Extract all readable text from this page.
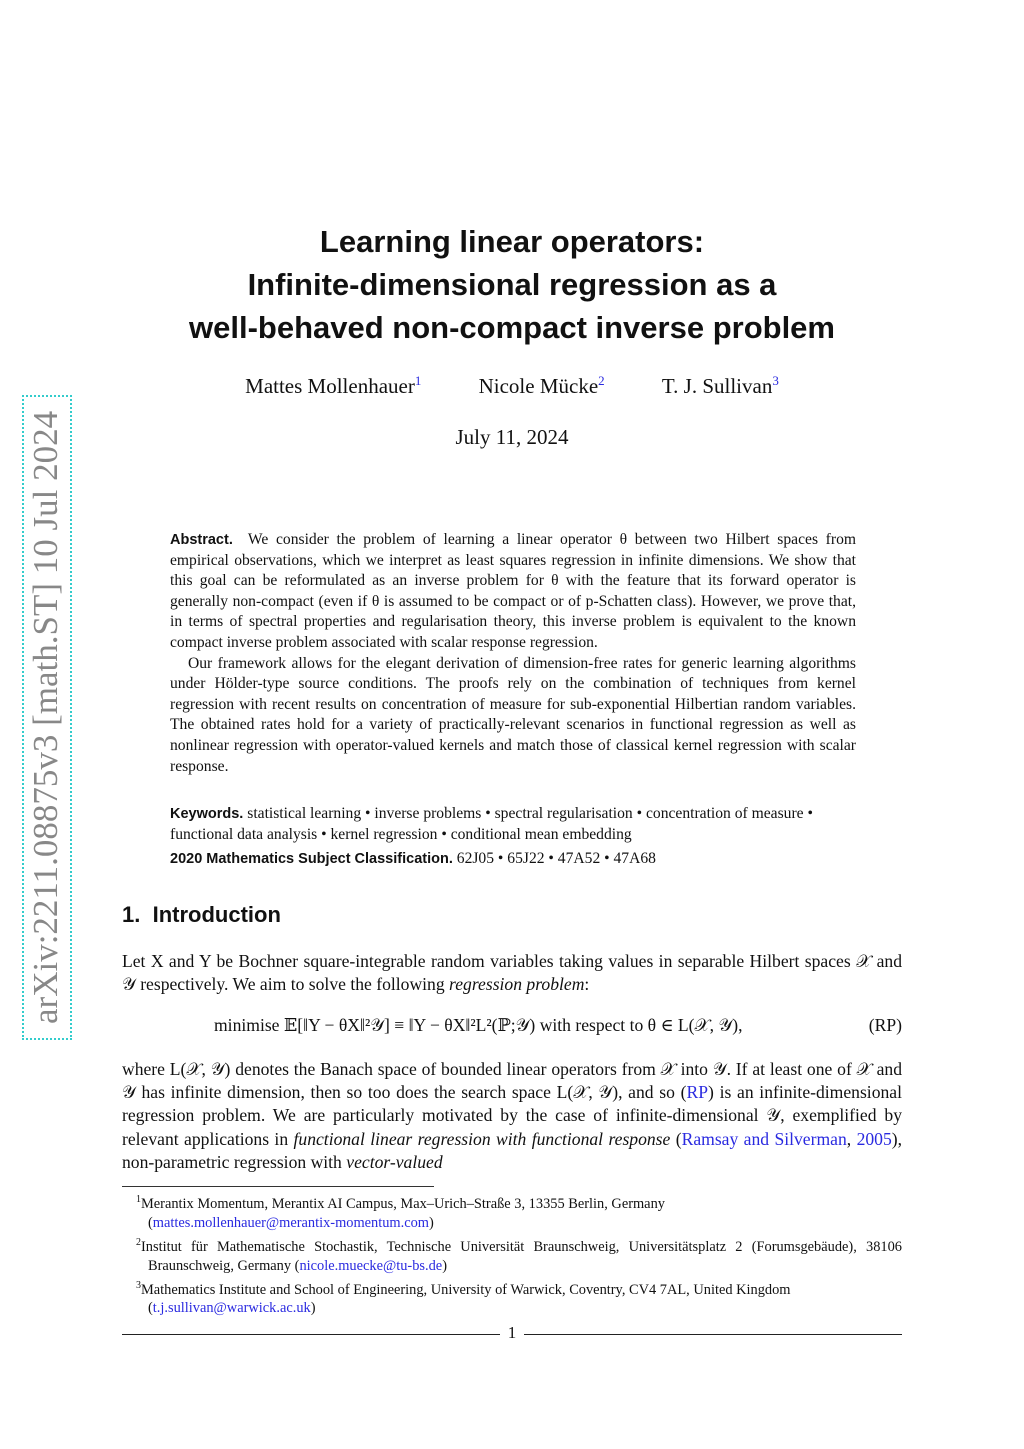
arXiv:2211.08875v3 [math.ST] 10 Jul 2024
Learning linear operators:
Infinite-dimensional regression as a
well-behaved non-compact inverse problem
Mattes Mollenhauer$^1$	Nicole Mücke$^2$	T. J. Sullivan$^3$
July 11, 2024

Abstract. We consider the problem of learning a linear operator θ between two Hilbert spaces from empirical observations, which we interpret as least squares regression in infinite dimensions. We show that this goal can be reformulated as an inverse problem for θ with the feature that its forward operator is generally non-compact (even if θ is assumed to be compact or of p-Schatten class). However, we prove that, in terms of spectral properties and regularisation theory, this inverse problem is equivalent to the known compact inverse problem associated with scalar response regression.

Our framework allows for the elegant derivation of dimension-free rates for generic learning algorithms under Hölder-type source conditions. The proofs rely on the combination of techniques from kernel regression with recent results on concentration of measure for sub-exponential Hilbertian random variables. The obtained rates hold for a variety of practically-relevant scenarios in functional regression as well as nonlinear regression with operator-valued kernels and match those of classical kernel regression with scalar response.

Keywords. statistical learning • inverse problems • spectral regularisation • concentration of measure • functional data analysis • kernel regression • conditional mean embedding
2020 Mathematics Subject Classification. 62J05 • 65J22 • 47A52 • 47A68
1. Introduction
Let X and Y be Bochner square-integrable random variables taking values in separable Hilbert spaces 𝒳 and 𝒴 respectively. We aim to solve the following regression problem:
minimise 𝔼[‖Y − θX‖²𝒴] ≡ ‖Y − θX‖²L²(ℙ;𝒴) with respect to θ ∈ L(𝒳, 𝒴),	(RP)
where L(𝒳, 𝒴) denotes the Banach space of bounded linear operators from 𝒳 into 𝒴. If at least one of 𝒳 and 𝒴 has infinite dimension, then so too does the search space L(𝒳, 𝒴), and so (RP) is an infinite-dimensional regression problem. We are particularly motivated by the case of infinite-dimensional 𝒴, exemplified by relevant applications in functional linear regression with functional response (Ramsay and Silverman, 2005), non-parametric regression with vector-valued

$^1$Merantix Momentum, Merantix AI Campus, Max–Urich–Straße 3, 13355 Berlin, Germany
(mattes.mollenhauer@merantix-momentum.com)

$^2$Institut für Mathematische Stochastik, Technische Universität Braunschweig, Universitätsplatz 2 (Forumsgebäude), 38106 Braunschweig, Germany (nicole.muecke@tu-bs.de)

$^3$Mathematics Institute and School of Engineering, University of Warwick, Coventry, CV4 7AL, United Kingdom
(t.j.sullivan@warwick.ac.uk)

1
